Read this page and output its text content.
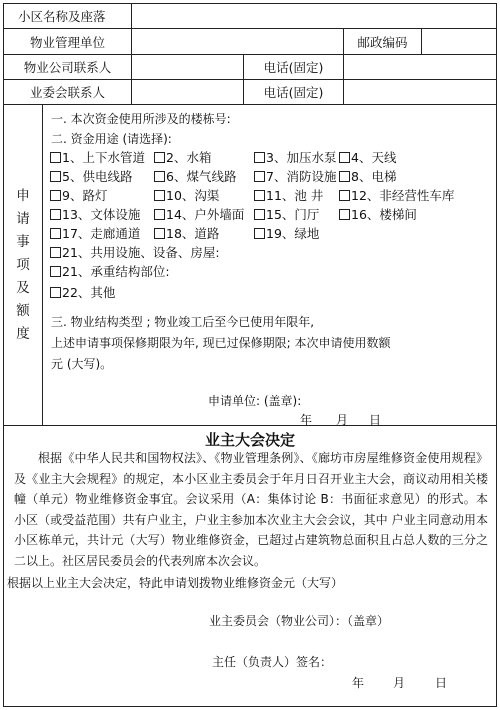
小区名称及座落
物业管理单位	邮政编码
物业公司联系人	电话(固定)
业委会联系人	电话(固定)
申
请
事
项
及
额
度
一. 本次资金使用所涉及的楼栋号:
二. 资金用途 (请选择):
1、上下水管道	2、水箱	3、加压水泵	4、天线
5、供电线路	6、煤气线路	7、消防设施	8、电梯
9、路灯	10、沟渠	11、池 井	12、非经营性车库
13、文体设施	14、户外墙面	15、门厅	16、楼梯间
17、走廊通道	18、道路	19、绿地
21、共用设施、设备、房屋:
21、承重结构部位:
22、其他
三. 物业结构类型 ; 物业竣工后至今已使用年限年,
上述申请事项保修期限为年, 现已过保修期限; 本次申请使用数额
元 (大写)。
申请单位: (盖章):
年 月 日
业主大会决定
根据《中华人民共和国物权法》、《物业管理条例》、《廊坊市房屋维修资金使用规程》及《业主大会规程》的规定，本小区业主委员会于年月日召开业主大会，商议动用相关楼幢（单元）物业维修资金事宜。会议采用（A：集体讨论 B：书面征求意见）的形式。本小区（或受益范围）共有户业主，户业主参加本次业主大会会议，其中 户业主同意动用本小区栋单元，共计元（大写）物业维修资金，已超过占建筑物总面积且占总人数的三分之二以上。社区居民委员会的代表列席本次会议。
根据以上业主大会决定，特此申请划拨物业维修资金元（大写）
业主委员会（物业公司）：（盖章）
主任（负责人）签名：
年 月 日
